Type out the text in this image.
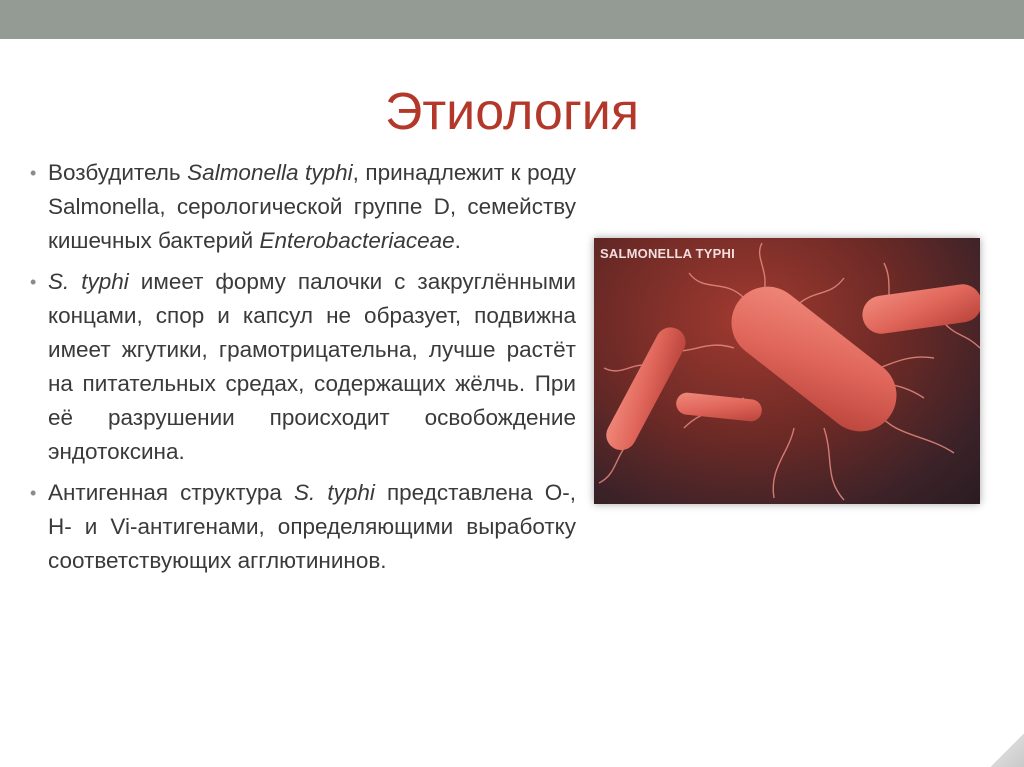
Этиология
• Возбудитель Salmonella typhi, принадлежит к роду Salmonella, серологической группе D, семейству кишечных бактерий Enterobacteriaceae.
• S. typhi имеет форму палочки с закруглёнными концами, спор и капсул не образует, подвижна имеет жгутики, грамотрицательна, лучше растёт на питательных средах, содержащих жёлчь. При её разрушении происходит освобождение эндотоксина.
• Антигенная структура S. typhi представлена О-, Н- и Vi-антигенами, определяющими выработку соответствующих агглютининов.
SALMONELLA TYPHI
